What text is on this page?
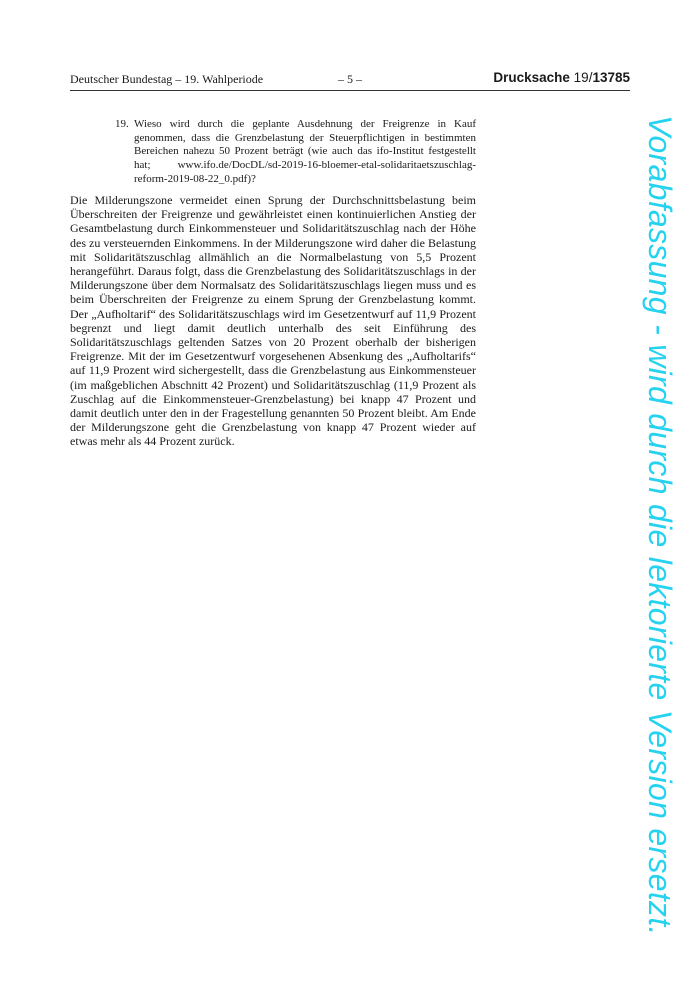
Deutscher Bundestag – 19. Wahlperiode	– 5 –	Drucksache 19/13785
19. Wieso wird durch die geplante Ausdehnung der Freigrenze in Kauf genommen, dass die Grenzbelastung der Steuerpflichtigen in bestimmten Bereichen nahezu 50 Prozent beträgt (wie auch das ifo-Institut festgestellt hat; www.ifo.de/DocDL/sd-2019-16-bloemer-etal-solidaritaetszuschlag-reform-2019-08-22_0.pdf)?
Die Milderungszone vermeidet einen Sprung der Durchschnittsbelastung beim Überschreiten der Freigrenze und gewährleistet einen kontinuierlichen Anstieg der Gesamtbelastung durch Einkommensteuer und Solidaritätszuschlag nach der Höhe des zu versteuernden Einkommens. In der Milderungszone wird daher die Belastung mit Solidaritätszuschlag allmählich an die Normalbelastung von 5,5 Prozent herangeführt. Daraus folgt, dass die Grenzbelastung des Solidaritätszuschlags in der Milderungszone über dem Normalsatz des Solidaritätszuschlags liegen muss und es beim Überschreiten der Freigrenze zu einem Sprung der Grenzbelastung kommt. Der „Aufholtarif“ des Solidaritätszuschlags wird im Gesetzentwurf auf 11,9 Prozent begrenzt und liegt damit deutlich unterhalb des seit Einführung des Solidaritätszuschlags geltenden Satzes von 20 Prozent oberhalb der bisherigen Freigrenze. Mit der im Gesetzentwurf vorgesehenen Absenkung des „Aufholtarifs“ auf 11,9 Prozent wird sichergestellt, dass die Grenzbelastung aus Einkommensteuer (im maßgeblichen Abschnitt 42 Prozent) und Solidaritätszuschlag (11,9 Prozent als Zuschlag auf die Einkommensteuer-Grenzbelastung) bei knapp 47 Prozent und damit deutlich unter den in der Fragestellung genannten 50 Prozent bleibt. Am Ende der Milderungszone geht die Grenzbelastung von knapp 47 Prozent wieder auf etwas mehr als 44 Prozent zurück.	Vorabfassung - wird durch die lektorierte Version ersetzt.
